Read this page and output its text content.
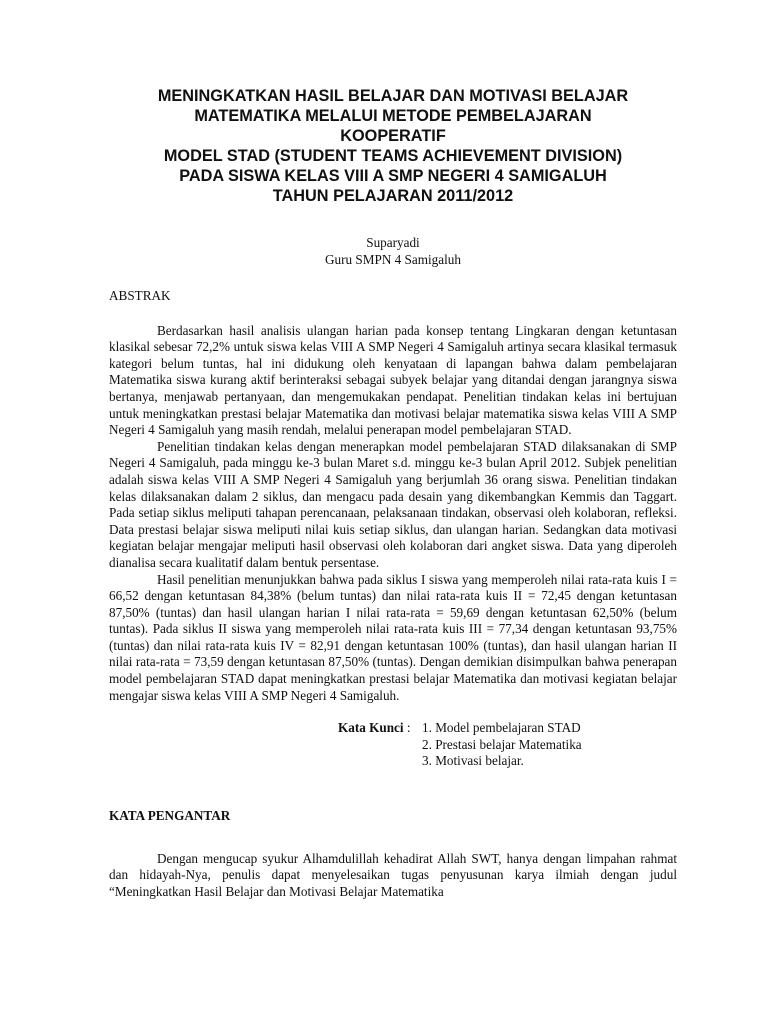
MENINGKATKAN HASIL BELAJAR DAN MOTIVASI BELAJAR
MATEMATIKA MELALUI METODE PEMBELAJARAN
KOOPERATIF
MODEL STAD (STUDENT TEAMS ACHIEVEMENT DIVISION)
PADA SISWA KELAS VIII A SMP NEGERI 4 SAMIGALUH
TAHUN PELAJARAN 2011/2012
Suparyadi
Guru SMPN 4 Samigaluh
ABSTRAK

Berdasarkan hasil analisis ulangan harian pada konsep tentang Lingkaran dengan ketuntasan klasikal sebesar 72,2% untuk siswa kelas VIII A SMP Negeri 4 Samigaluh artinya secara klasikal termasuk kategori belum tuntas, hal ini didukung oleh kenyataan di lapangan bahwa dalam pembelajaran Matematika siswa kurang aktif berinteraksi sebagai subyek belajar yang ditandai dengan jarangnya siswa bertanya, menjawab pertanyaan, dan mengemukakan pendapat. Penelitian tindakan kelas ini bertujuan untuk meningkatkan prestasi belajar Matematika dan motivasi belajar matematika siswa kelas VIII A SMP Negeri 4 Samigaluh yang masih rendah, melalui penerapan model pembelajaran STAD.

Penelitian tindakan kelas dengan menerapkan model pembelajaran STAD dilaksanakan di SMP Negeri 4 Samigaluh, pada minggu ke-3 bulan Maret s.d. minggu ke-3 bulan April 2012. Subjek penelitian adalah siswa kelas VIII A SMP Negeri 4 Samigaluh yang berjumlah 36 orang siswa. Penelitian tindakan kelas dilaksanakan dalam 2 siklus, dan mengacu pada desain yang dikembangkan Kemmis dan Taggart. Pada setiap siklus meliputi tahapan perencanaan, pelaksanaan tindakan, observasi oleh kolaboran, refleksi. Data prestasi belajar siswa meliputi nilai kuis setiap siklus, dan ulangan harian. Sedangkan data motivasi kegiatan belajar mengajar meliputi hasil observasi oleh kolaboran dari angket siswa. Data yang diperoleh dianalisa secara kualitatif dalam bentuk persentase.

Hasil penelitian menunjukkan bahwa pada siklus I siswa yang memperoleh nilai rata-rata kuis I = 66,52 dengan ketuntasan 84,38% (belum tuntas) dan nilai rata-rata kuis II = 72,45 dengan ketuntasan 87,50% (tuntas) dan hasil ulangan harian I nilai rata-rata = 59,69 dengan ketuntasan 62,50% (belum tuntas). Pada siklus II siswa yang memperoleh nilai rata-rata kuis III = 77,34 dengan ketuntasan 93,75% (tuntas) dan nilai rata-rata kuis IV = 82,91 dengan ketuntasan 100% (tuntas), dan hasil ulangan harian II nilai rata-rata = 73,59 dengan ketuntasan 87,50% (tuntas). Dengan demikian disimpulkan bahwa penerapan model pembelajaran STAD dapat meningkatkan prestasi belajar Matematika dan motivasi kegiatan belajar mengajar siswa kelas VIII A SMP Negeri 4 Samigaluh.

Kata Kunci : 1. Model pembelajaran STAD
2. Prestasi belajar Matematika
3. Motivasi belajar.
KATA PENGANTAR

Dengan mengucap syukur Alhamdulillah kehadirat Allah SWT, hanya dengan limpahan rahmat dan hidayah-Nya, penulis dapat menyelesaikan tugas penyusunan karya ilmiah dengan judul “Meningkatkan Hasil Belajar dan Motivasi Belajar Matematika
